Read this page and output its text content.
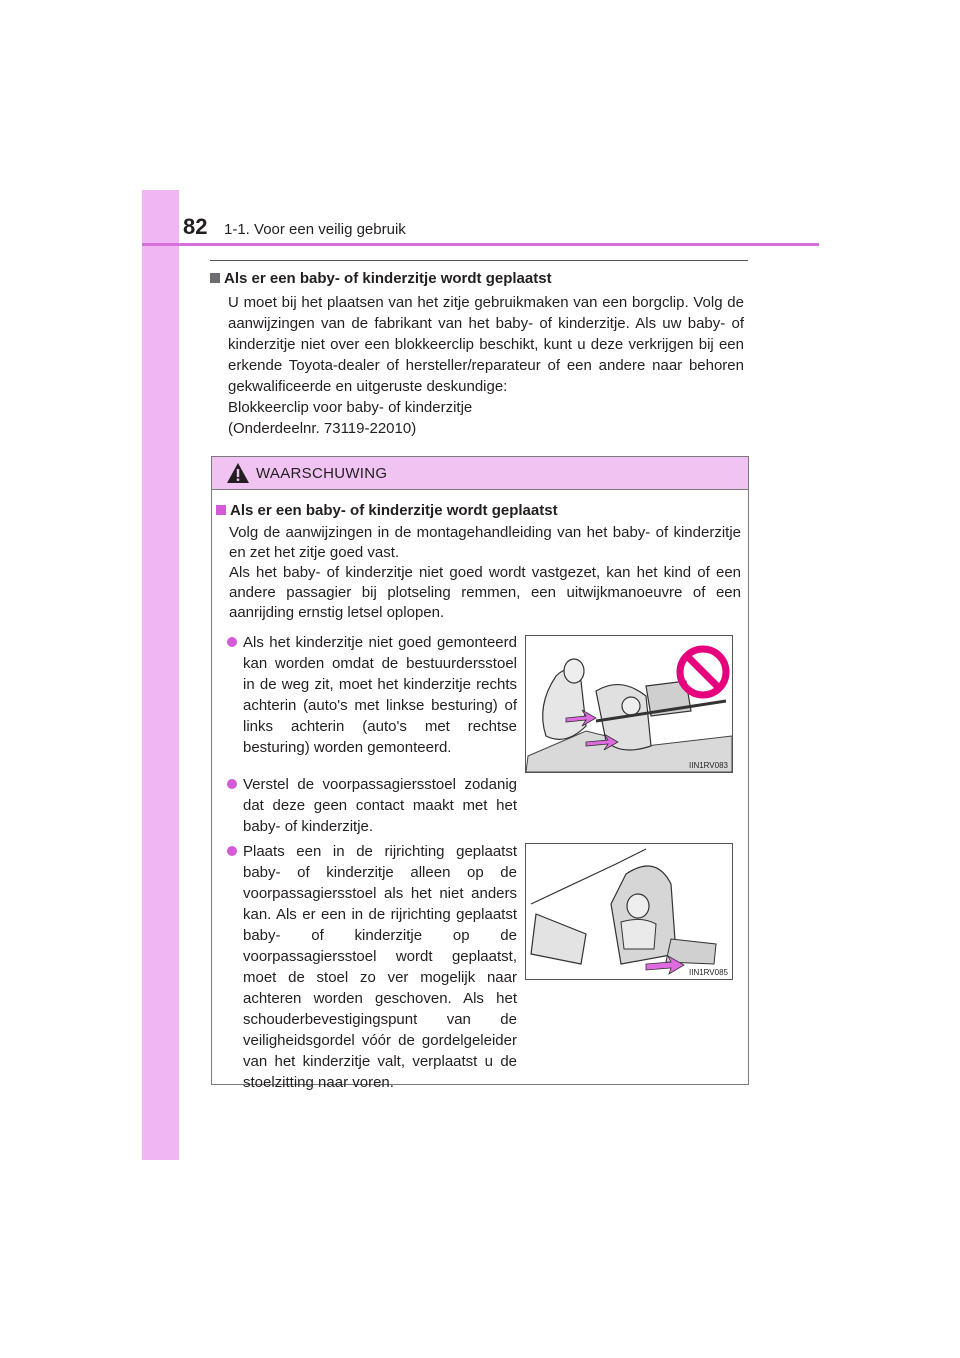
82 1-1. Voor een veilig gebruik
Als er een baby- of kinderzitje wordt geplaatst
U moet bij het plaatsen van het zitje gebruikmaken van een borgclip. Volg de aanwijzingen van de fabrikant van het baby- of kinderzitje. Als uw baby- of kinderzitje niet over een blokkeerclip beschikt, kunt u deze verkrijgen bij een erkende Toyota-dealer of hersteller/reparateur of een andere naar behoren gekwalificeerde en uitgeruste deskundige:
Blokkeerclip voor baby- of kinderzitje
(Onderdeelnr. 73119-22010)
WAARSCHUWING
Als er een baby- of kinderzitje wordt geplaatst
Volg de aanwijzingen in de montagehandleiding van het baby- of kinderzitje en zet het zitje goed vast.
Als het baby- of kinderzitje niet goed wordt vastgezet, kan het kind of een andere passagier bij plotseling remmen, een uitwijkmanoeuvre of een aanrijding ernstig letsel oplopen.
Als het kinderzitje niet goed gemonteerd kan worden omdat de bestuurdersstoel in de weg zit, moet het kinderzitje rechts achterin (auto's met linkse besturing) of links achterin (auto's met rechtse besturing) worden gemonteerd.
Verstel de voorpassagiersstoel zodanig dat deze geen contact maakt met het baby- of kinderzitje.
Plaats een in de rijrichting geplaatst baby- of kinderzitje alleen op de voorpassagiersstoel als het niet anders kan. Als er een in de rijrichting geplaatst baby- of kinderzitje op de voorpassagiersstoel wordt geplaatst, moet de stoel zo ver mogelijk naar achteren worden geschoven. Als het schouderbevestigingspunt van de veiligheidsgordel vóór de gordelgeleider van het kinderzitje valt, verplaatst u de stoelzitting naar voren.
IIN1RV083
IIN1RV085
